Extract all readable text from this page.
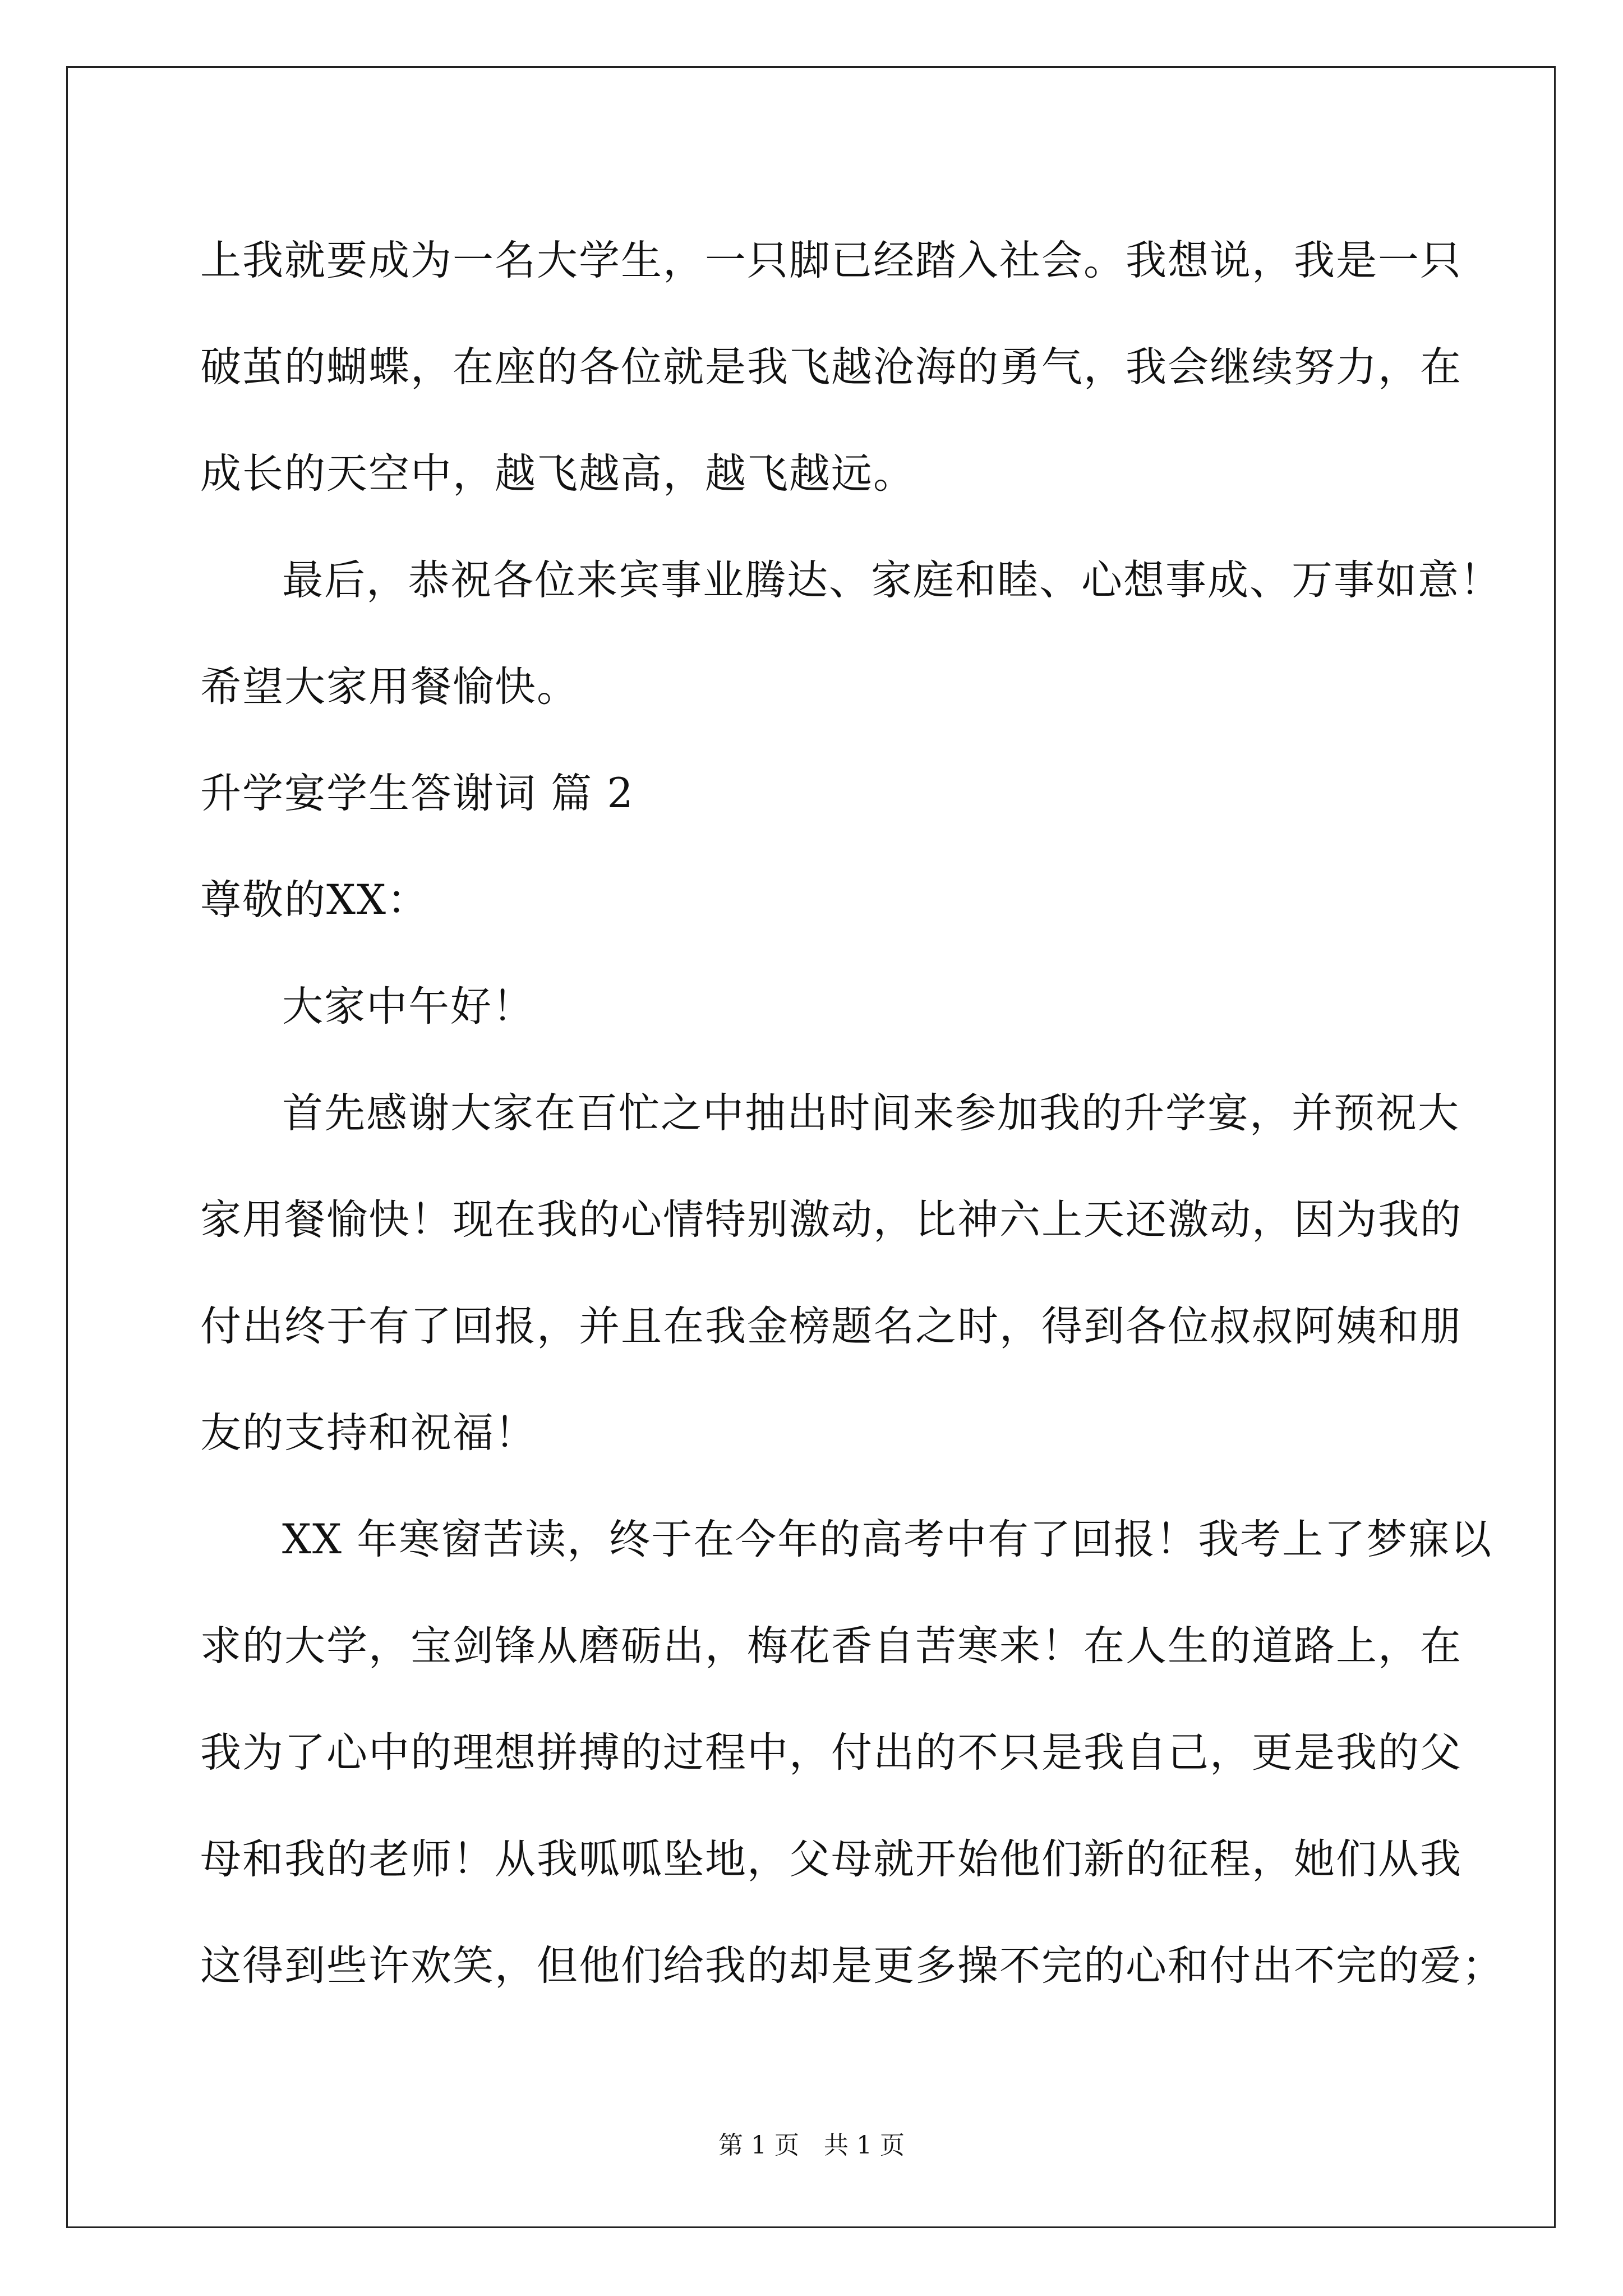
上我就要成为一名大学生，一只脚已经踏入社会。我想说，我是一只
破茧的蝴蝶，在座的各位就是我飞越沧海的勇气，我会继续努力，在
成长的天空中，越飞越高，越飞越远。
最后，恭祝各位来宾事业腾达、家庭和睦、心想事成、万事如意！
希望大家用餐愉快。
升学宴学生答谢词 篇 2
尊敬的XX：
大家中午好！
首先感谢大家在百忙之中抽出时间来参加我的升学宴，并预祝大
家用餐愉快！现在我的心情特别激动，比神六上天还激动，因为我的
付出终于有了回报，并且在我金榜题名之时，得到各位叔叔阿姨和朋
友的支持和祝福！
XX 年寒窗苦读，终于在今年的高考中有了回报！我考上了梦寐以
求的大学，宝剑锋从磨砺出，梅花香自苦寒来！在人生的道路上，在
我为了心中的理想拼搏的过程中，付出的不只是我自己，更是我的父
母和我的老师！从我呱呱坠地，父母就开始他们新的征程，她们从我
这得到些许欢笑，但他们给我的却是更多操不完的心和付出不完的爱；
第 1 页　共 1 页
